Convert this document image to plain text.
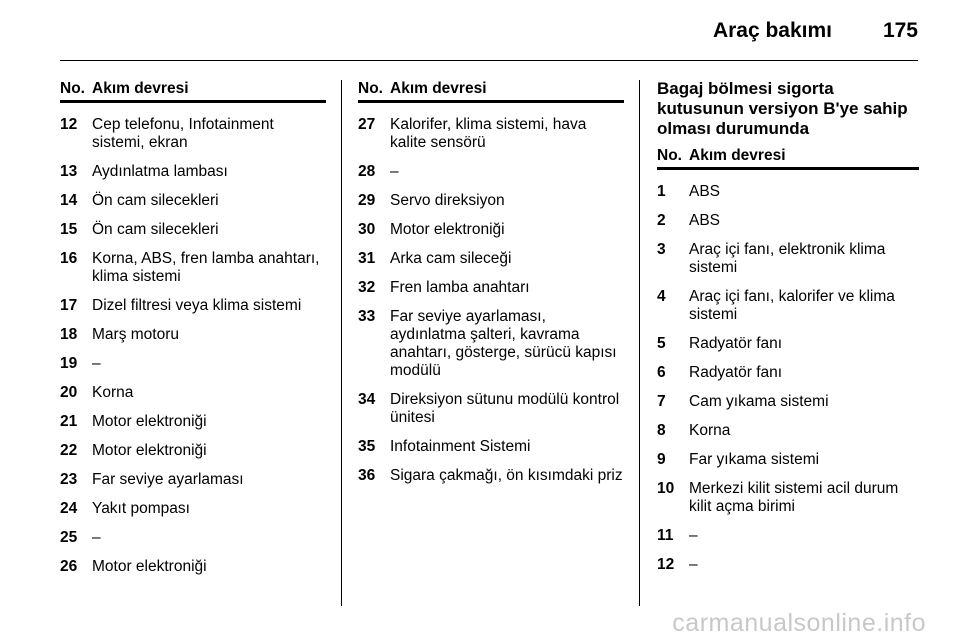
Araç bakımı 175
No. Akım devresi
12 Cep telefonu, Infotainment sistemi, ekran
13 Aydınlatma lambası
14 Ön cam silecekleri
15 Ön cam silecekleri
16 Korna, ABS, fren lamba anahtarı, klima sistemi
17 Dizel filtresi veya klima sistemi
18 Marş motoru
19 –
20 Korna
21 Motor elektroniği
22 Motor elektroniği
23 Far seviye ayarlaması
24 Yakıt pompası
25 –
26 Motor elektroniği
No. Akım devresi
27 Kalorifer, klima sistemi, hava kalite sensörü
28 –
29 Servo direksiyon
30 Motor elektroniği
31 Arka cam sileceği
32 Fren lamba anahtarı
33 Far seviye ayarlaması, aydınlatma şalteri, kavrama anahtarı, gösterge, sürücü kapısı modülü
34 Direksiyon sütunu modülü kontrol ünitesi
35 Infotainment Sistemi
36 Sigara çakmağı, ön kısımdaki priz
Bagaj bölmesi sigorta kutusunun versiyon B'ye sahip olması durumunda
No. Akım devresi
1	ABS
2	ABS
3	Araç içi fanı, elektronik klima sistemi
4	Araç içi fanı, kalorifer ve klima sistemi
5	Radyatör fanı
6	Radyatör fanı
7	Cam yıkama sistemi
8	Korna
9	Far yıkama sistemi
10 Merkezi kilit sistemi acil durum kilit açma birimi
11	–
12 –
carmanualsonline.info
